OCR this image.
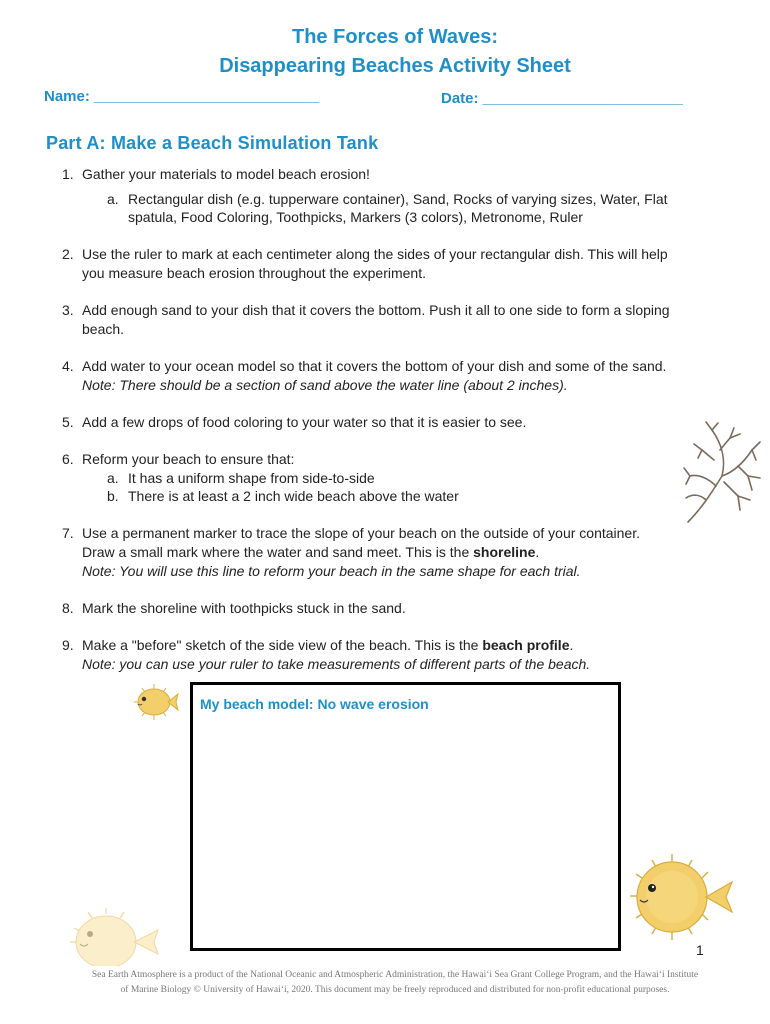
The Forces of Waves:
Disappearing Beaches Activity Sheet
Name: ___________________________	Date: ________________________
Part A: Make a Beach Simulation Tank
1. Gather your materials to model beach erosion!
a. Rectangular dish (e.g. tupperware container), Sand, Rocks of varying sizes, Water, Flat
spatula, Food Coloring, Toothpicks, Markers (3 colors), Metronome, Ruler
2. Use the ruler to mark at each centimeter along the sides of your rectangular dish. This will help
you measure beach erosion throughout the experiment.
3. Add enough sand to your dish that it covers the bottom. Push it all to one side to form a sloping
beach.
4. Add water to your ocean model so that it covers the bottom of your dish and some of the sand.
Note: There should be a section of sand above the water line (about 2 inches).
5. Add a few drops of food coloring to your water so that it is easier to see.
6. Reform your beach to ensure that:
a. It has a uniform shape from side-to-side
b. There is at least a 2 inch wide beach above the water
7. Use a permanent marker to trace the slope of your beach on the outside of your container.
Draw a small mark where the water and sand meet. This is the shoreline.
Note: You will use this line to reform your beach in the same shape for each trial.
8. Mark the shoreline with toothpicks stuck in the sand.
9. Make a "before" sketch of the side view of the beach. This is the beach profile.
Note: you can use your ruler to take measurements of different parts of the beach.
My beach model: No wave erosion
1
Sea Earth Atmosphere is a product of the National Oceanic and Atmospheric Administration, the Hawaiʻi Sea Grant College Program, and the Hawaiʻi Institute
of Marine Biology © University of Hawaiʻi, 2020. This document may be freely reproduced and distributed for non-profit educational purposes.
